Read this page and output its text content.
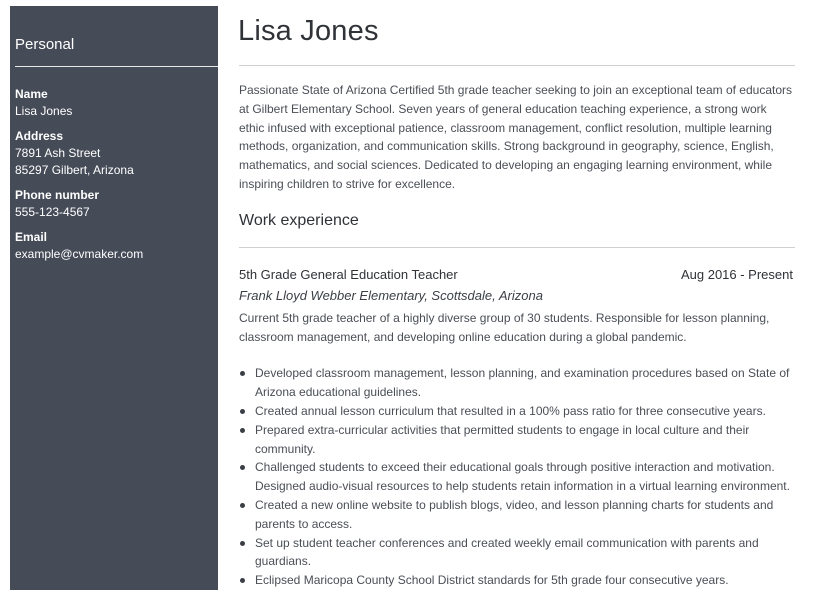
Personal
Name
Lisa Jones
Address
7891 Ash Street
85297 Gilbert, Arizona
Phone number
555-123-4567
Email
example@cvmaker.com
Lisa Jones
Passionate State of Arizona Certified 5th grade teacher seeking to join an exceptional team of educators at Gilbert Elementary School. Seven years of general education teaching experience, a strong work ethic infused with exceptional patience, classroom management, conflict resolution, multiple learning methods, organization, and communication skills. Strong background in geography, science, English, mathematics, and social sciences. Dedicated to developing an engaging learning environment, while inspiring children to strive for excellence.
Work experience
5th Grade General Education Teacher	Aug 2016 - Present
Frank Lloyd Webber Elementary, Scottsdale, Arizona
Current 5th grade teacher of a highly diverse group of 30 students. Responsible for lesson planning, classroom management, and developing online education during a global pandemic.
Developed classroom management, lesson planning, and examination procedures based on State of Arizona educational guidelines.
Created annual lesson curriculum that resulted in a 100% pass ratio for three consecutive years.
Prepared extra-curricular activities that permitted students to engage in local culture and their community.
Challenged students to exceed their educational goals through positive interaction and motivation. Designed audio-visual resources to help students retain information in a virtual learning environment.
Created a new online website to publish blogs, video, and lesson planning charts for students and parents to access.
Set up student teacher conferences and created weekly email communication with parents and guardians.
Eclipsed Maricopa County School District standards for 5th grade four consecutive years.
